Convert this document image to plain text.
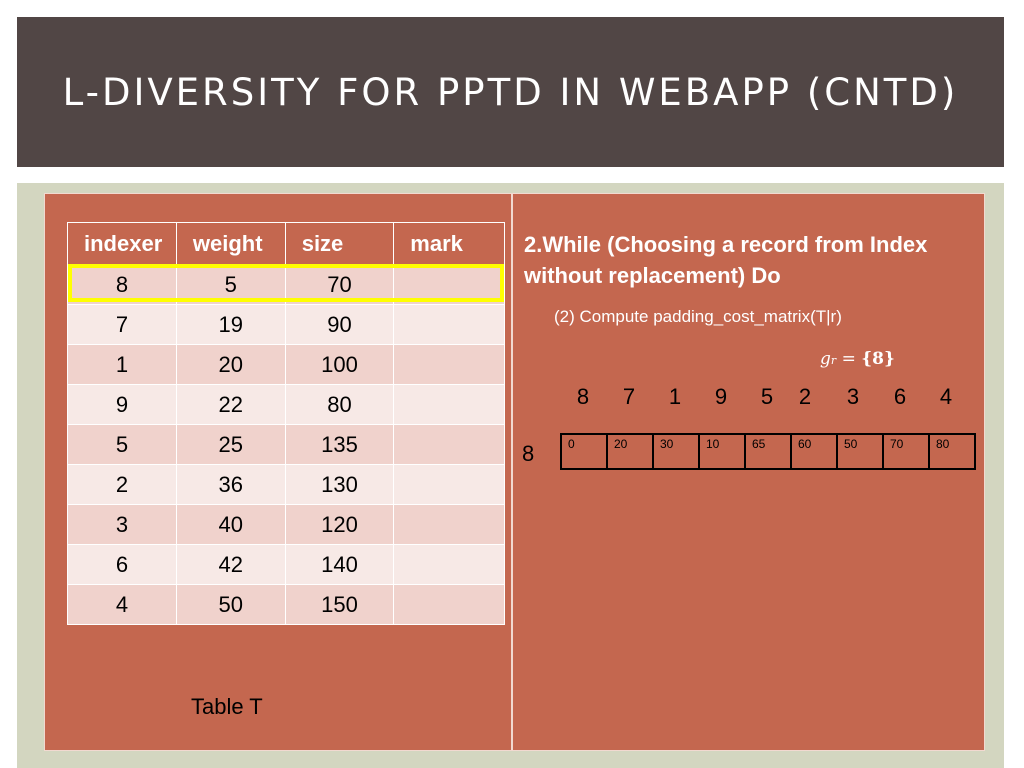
L-DIVERSITY FOR PPTD IN WEBAPP (CNTD)
indexer	weight	size	mark
8	5	70	
7	19	90	
1	20	100	
9	22	80	
5	25	135	
2	36	130	
3	40	120	
6	42	140	
4	50	150	
Table T
2.While (Choosing a record from Index without replacement) Do
(2) Compute padding_cost_matrix(T|r)
gr = {8}
8	7	1	9	5	2	3	6	4
8	0	20	30	10	65	60	50	70	80
